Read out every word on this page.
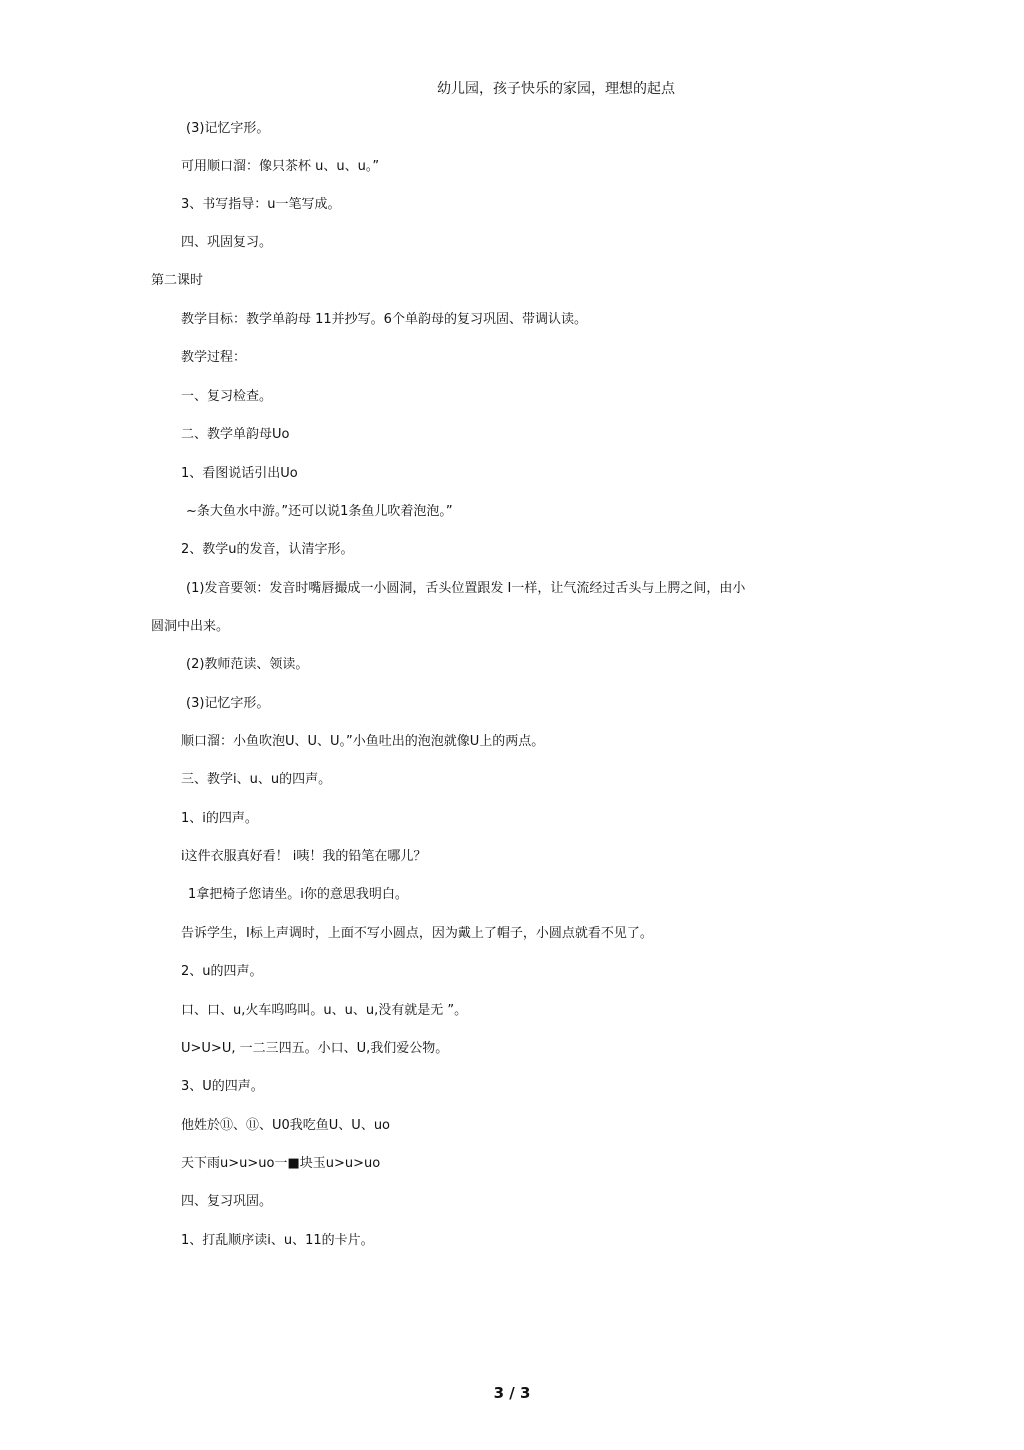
幼儿园，孩子快乐的家园，理想的起点
(3)记忆字形。
可用顺口溜：像只茶杯 u、u、u。”
3、书写指导：u一笔写成。
四、巩固复习。
第二课时
教学目标：教学单韵母 11并抄写。6个单韵母的复习巩固、带调认读。
教学过程：
一、复习检查。
二、教学单韵母Uo
1、看图说话引出Uo
~条大鱼水中游。”还可以说1条鱼儿吹着泡泡。”
2、教学u的发音，认清字形。
(1)发音要领：发音时嘴唇撮成一小圆洞，舌头位置跟发 I一样，让气流经过舌头与上腭之间，由小
圆洞中出来。
(2)教师范读、领读。
(3)记忆字形。
顺口溜：小鱼吹泡U、U、U。”小鱼吐出的泡泡就像U上的两点。
三、教学i、u、u的四声。
1、i的四声。
i这件衣服真好看！ i咦！我的铅笔在哪儿？
1拿把椅子您请坐。i你的意思我明白。
告诉学生，I标上声调时，上面不写小圆点，因为戴上了帽子，小圆点就看不见了。
2、u的四声。
口、口、u,火车呜呜叫。u、u、u,没有就是无 ”。
U>U>U, 一二三四五。小口、U,我们爱公物。
3、U的四声。
他姓於⑪、⑪、U0我吃鱼U、U、uo
天下雨u>u>uo一■块玉u>u>uo
四、复习巩固。
1、打乱顺序读i、u、11的卡片。
3 / 3
